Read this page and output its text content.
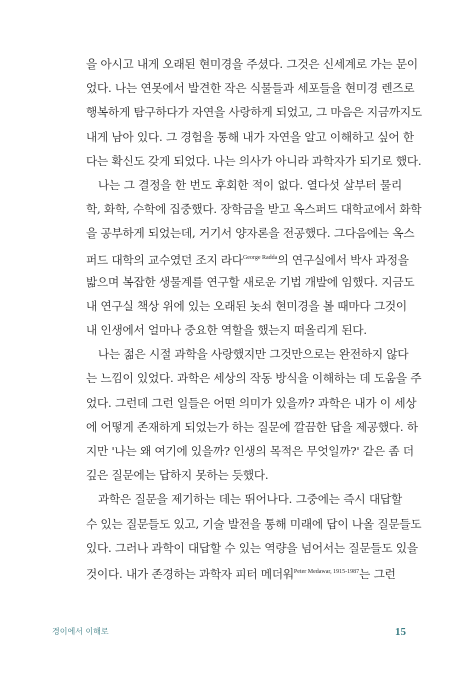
을 아시고 내게 오래된 현미경을 주셨다. 그것은 신세계로 가는 문이
었다. 나는 연못에서 발견한 작은 식물들과 세포들을 현미경 렌즈로
행복하게 탐구하다가 자연을 사랑하게 되었고, 그 마음은 지금까지도
내게 남아 있다. 그 경험을 통해 내가 자연을 알고 이해하고 싶어 한
다는 확신도 갖게 되었다. 나는 의사가 아니라 과학자가 되기로 했다.
나는 그 결정을 한 번도 후회한 적이 없다. 열다섯 살부터 물리
학, 화학, 수학에 집중했다. 장학금을 받고 옥스퍼드 대학교에서 화학
을 공부하게 되었는데, 거기서 양자론을 전공했다. 그다음에는 옥스
퍼드 대학의 교수였던 조지 라다$^{George Radda}$의 연구실에서 박사 과정을
밟으며 복잡한 생물계를 연구할 새로운 기법 개발에 임했다. 지금도
내 연구실 책상 위에 있는 오래된 놋쇠 현미경을 볼 때마다 그것이
내 인생에서 얼마나 중요한 역할을 했는지 떠올리게 된다.
나는 젊은 시절 과학을 사랑했지만 그것만으로는 완전하지 않다
는 느낌이 있었다. 과학은 세상의 작동 방식을 이해하는 데 도움을 주
었다. 그런데 그런 일들은 어떤 의미가 있을까? 과학은 내가 이 세상
에 어떻게 존재하게 되었는가 하는 질문에 깔끔한 답을 제공했다. 하
지만 '나는 왜 여기에 있을까? 인생의 목적은 무엇일까?' 같은 좀 더
깊은 질문에는 답하지 못하는 듯했다.
과학은 질문을 제기하는 데는 뛰어나다. 그중에는 즉시 대답할
수 있는 질문들도 있고, 기술 발전을 통해 미래에 답이 나올 질문들도
있다. 그러나 과학이 대답할 수 있는 역량을 넘어서는 질문들도 있을
것이다. 내가 존경하는 과학자 피터 메더워$^{Peter Medawar, 1915-1987}$는 그런
경이에서 이해로	15
